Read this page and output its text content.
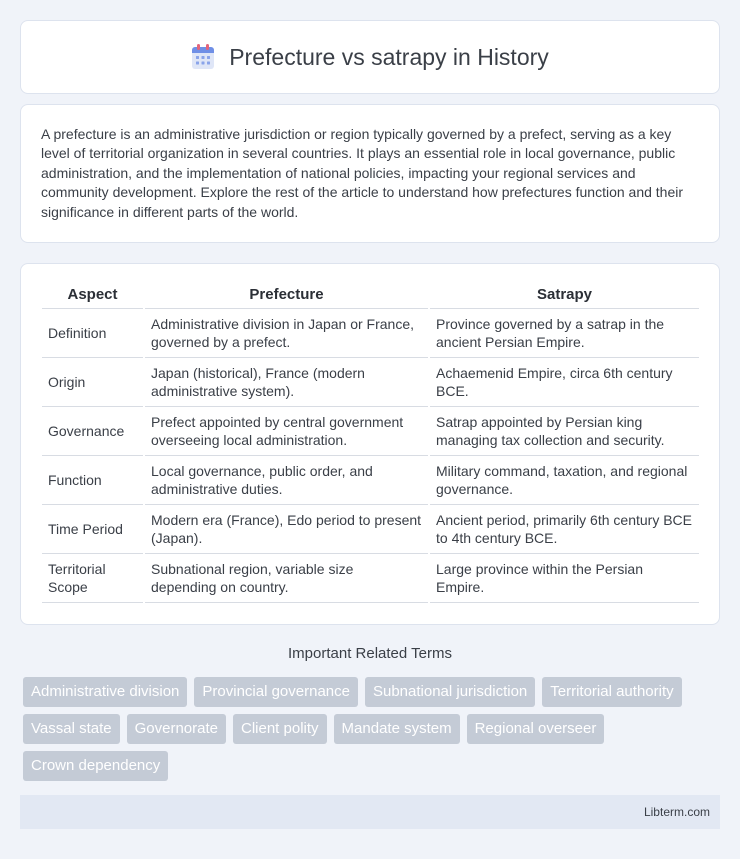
Prefecture vs satrapy in History

A prefecture is an administrative jurisdiction or region typically governed by a prefect, serving as a key level of territorial organization in several countries. It plays an essential role in local governance, public administration, and the implementation of national policies, impacting your regional services and community development. Explore the rest of the article to understand how prefectures function and their significance in different parts of the world.

Aspect	Prefecture	Satrapy
Definition	Administrative division in Japan or France, governed by a prefect.	Province governed by a satrap in the ancient Persian Empire.
Origin	Japan (historical), France (modern administrative system).	Achaemenid Empire, circa 6th century BCE.
Governance	Prefect appointed by central government overseeing local administration.	Satrap appointed by Persian king managing tax collection and security.
Function	Local governance, public order, and administrative duties.	Military command, taxation, and regional governance.
Time Period	Modern era (France), Edo period to present (Japan).	Ancient period, primarily 6th century BCE to 4th century BCE.
Territorial Scope	Subnational region, variable size depending on country.	Large province within the Persian Empire.
Important Related Terms
Administrative division	Provincial governance	Subnational jurisdiction	Territorial authority
Vassal state	Governorate	Client polity	Mandate system	Regional overseer
Crown dependency
Libterm.com
